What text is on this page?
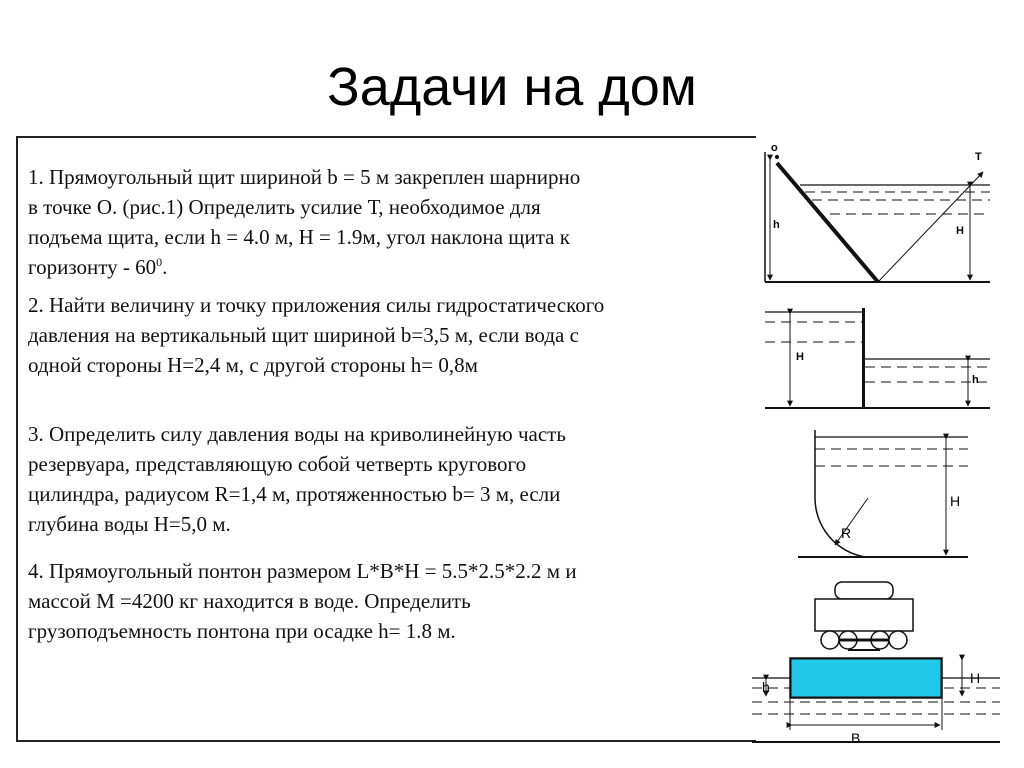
Задачи на дом

1. Прямоугольный щит шириной b = 5 м закреплен шарнирно

в точке О. (рис.1) Определить усилие Т, необходимое для

подъема щита, если h = 4.0 м, Н = 1.9м, угол наклона щита к

горизонту - $60^0$.

2. Найти величину и точку приложения силы гидростатического

давления на вертикальный щит шириной b=3,5 м, если вода с

одной стороны Н=2,4 м, с другой стороны h= 0,8м

3. Определить силу давления воды на криволинейную часть

резервуара, представляющую собой четверть кругового

цилиндра, радиусом R=1,4 м, протяженностью b= 3 м, если

глубина воды Н=5,0 м.

4. Прямоугольный понтон размером L*B*H = 5.5*2.5*2.2 м и

массой М =4200 кг находится в воде. Определить

грузоподъемность понтона при осадке h= 1.8 м.

o
T
h	H
H
h
R
H
h
H
B
